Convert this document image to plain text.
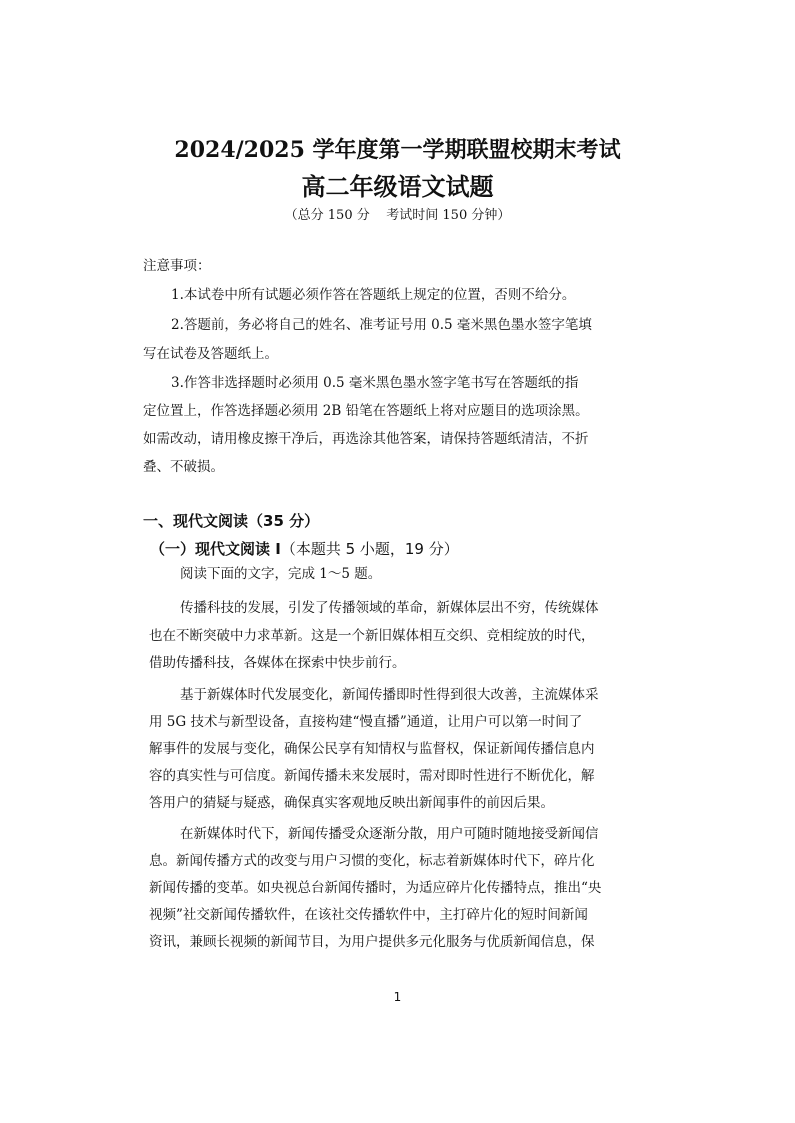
2024/2025 学年度第一学期联盟校期末考试
高二年级语文试题
（总分 150 分    考试时间 150 分钟）
注意事项：
1.本试卷中所有试题必须作答在答题纸上规定的位置，否则不给分。
2.答题前，务必将自己的姓名、准考证号用 0.5 毫米黑色墨水签字笔填
写在试卷及答题纸上。
3.作答非选择题时必须用 0.5 毫米黑色墨水签字笔书写在答题纸的指
定位置上，作答选择题必须用 2B 铅笔在答题纸上将对应题目的选项涂黑。
如需改动，请用橡皮擦干净后，再选涂其他答案，请保持答题纸清洁，不折
叠、不破损。
一、现代文阅读（35 分）
（一）现代文阅读 I（本题共 5 小题，19 分）
阅读下面的文字，完成 1～5 题。
传播科技的发展，引发了传播领域的革命，新媒体层出不穷，传统媒体
也在不断突破中力求革新。这是一个新旧媒体相互交织、竞相绽放的时代，
借助传播科技，各媒体在探索中快步前行。
基于新媒体时代发展变化，新闻传播即时性得到很大改善，主流媒体采
用 5G 技术与新型设备，直接构建“慢直播”通道，让用户可以第一时间了
解事件的发展与变化，确保公民享有知情权与监督权，保证新闻传播信息内
容的真实性与可信度。新闻传播未来发展时，需对即时性进行不断优化，解
答用户的猜疑与疑惑，确保真实客观地反映出新闻事件的前因后果。
在新媒体时代下，新闻传播受众逐渐分散，用户可随时随地接受新闻信
息。新闻传播方式的改变与用户习惯的变化，标志着新媒体时代下，碎片化
新闻传播的变革。如央视总台新闻传播时，为适应碎片化传播特点，推出“央
视频”社交新闻传播软件，在该社交传播软件中，主打碎片化的短时间新闻
资讯，兼顾长视频的新闻节目，为用户提供多元化服务与优质新闻信息，保
1
